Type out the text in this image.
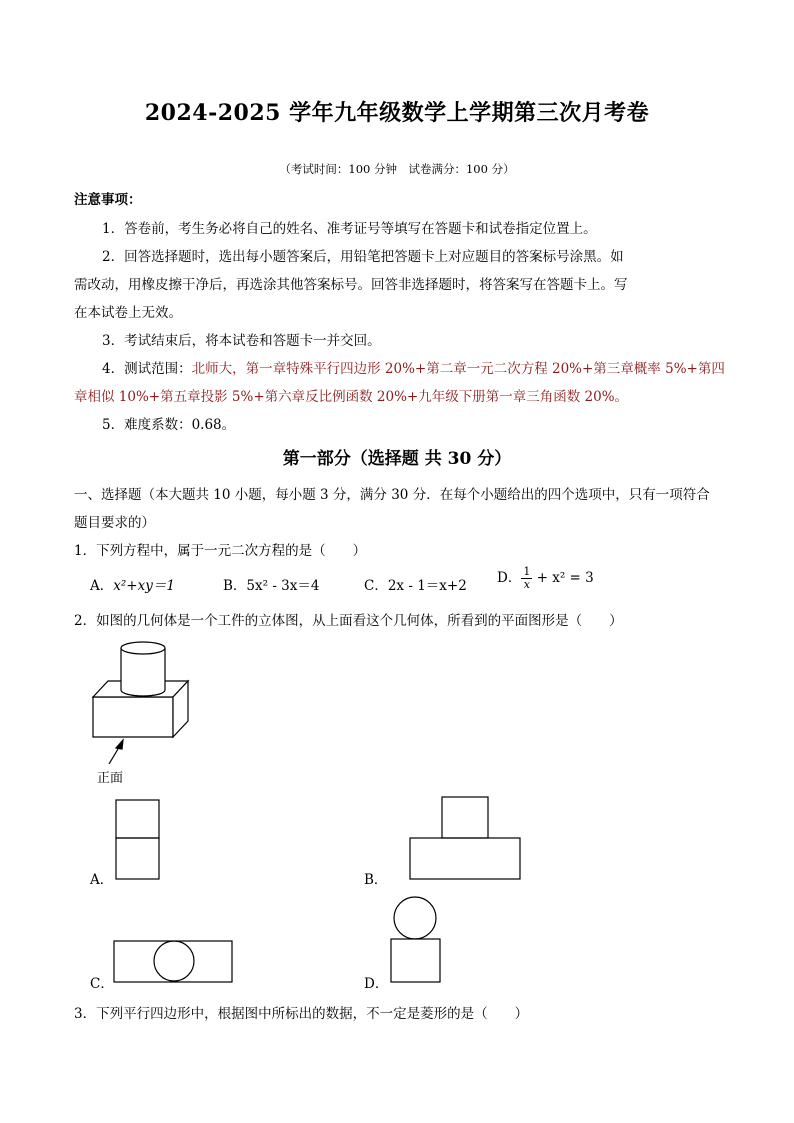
2024-2025 学年九年级数学上学期第三次月考卷
（考试时间：100 分钟　试卷满分：100 分）
注意事项：
1．答卷前，考生务必将自己的姓名、准考证号等填写在答题卡和试卷指定位置上。
2．回答选择题时，选出每小题答案后，用铅笔把答题卡上对应题目的答案标号涂黑。如
需改动，用橡皮擦干净后，再选涂其他答案标号。回答非选择题时，将答案写在答题卡上。写
在本试卷上无效。
3．考试结束后，将本试卷和答题卡一并交回。
4．测试范围：北师大，第一章特殊平行四边形 20%+第二章一元二次方程 20%+第三章概率 5%+第四
章相似 10%+第五章投影 5%+第六章反比例函数 20%+九年级下册第一章三角函数 20%。
5．难度系数：0.68。
第一部分（选择题 共 30 分）
一、选择题（本大题共 10 小题，每小题 3 分，满分 30 分．在每个小题给出的四个选项中，只有一项符合
题目要求的）
1．下列方程中，属于一元二次方程的是（　　）
A．x²+xy＝1	B．5x² - 3x＝4	C．2x - 1＝x+2 D． $\frac{1}{x} + x^2 = 3$
2．如图的几何体是一个工件的立体图，从上面看这个几何体，所看到的平面图形是（　　）
正面
A．	B．
C．	D．
3．下列平行四边形中，根据图中所标出的数据，不一定是菱形的是（　　）
